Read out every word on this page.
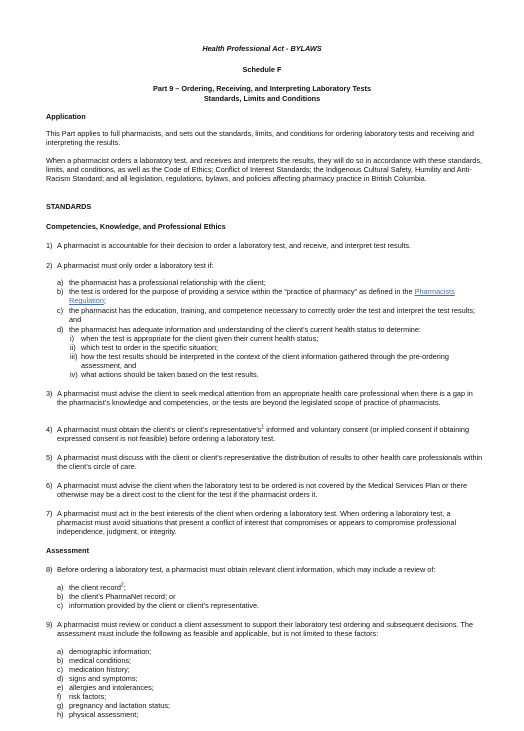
Health Professional Act - BYLAWS
Schedule F
Part 9 – Ordering, Receiving, and Interpreting Laboratory Tests
Standards, Limits and Conditions
Application

This Part applies to full pharmacists, and sets out the standards, limits, and conditions for ordering laboratory tests and receiving and interpreting the results.

When a pharmacist orders a laboratory test, and receives and interprets the results, they will do so in accordance with these standards, limits, and conditions, as well as the Code of Ethics; Conflict of Interest Standards; the Indigenous Cultural Safety, Humility and Anti-Racism Standard; and all legislation, regulations, bylaws, and policies affecting pharmacy practice in British Columbia.

STANDARDS
Competencies, Knowledge, and Professional Ethics
1) A pharmacist is accountable for their decision to order a laboratory test, and receive, and interpret test results.

2) A pharmacist must only order a laboratory test if:

a) the pharmacist has a professional relationship with the client;
b) the test is ordered for the purpose of providing a service within the “practice of pharmacy” as defined in the Pharmacists Regulation;
c) the pharmacist has the education, training, and competence necessary to correctly order the test and interpret the test results; and
d) the pharmacist has adequate information and understanding of the client’s current health status to determine:
i) when the test is appropriate for the client given their current health status;
ii) which test to order in the specific situation;
iii) how the test results should be interpreted in the context of the client information gathered through the pre-ordering assessment, and
iv) what actions should be taken based on the test results.
3) A pharmacist must advise the client to seek medical attention from an appropriate health care professional when there is a gap in the pharmacist’s knowledge and competencies, or the tests are beyond the legislated scope of practice of pharmacists.

4) A pharmacist must obtain the client’s or client’s $representative’s^1$ informed and voluntary consent (or implied consent if obtaining expressed consent is not feasible) before ordering a laboratory test.

5) A pharmacist must discuss with the client or client's representative the distribution of results to other health care professionals within the client’s circle of care.

6) A pharmacist must advise the client when the laboratory test to be ordered is not covered by the Medical Services Plan or there otherwise may be a direct cost to the client for the test if the pharmacist orders it.

7) A pharmacist must act in the best interests of the client when ordering a laboratory test. When ordering a laboratory test, a pharmacist must avoid situations that present a conflict of interest that compromises or appears to compromise professional independence, judgment, or integrity.

Assessment
8) Before ordering a laboratory test, a pharmacist must obtain relevant client information, which may include a review of:

a) the client record$^2$;
b) the client’s PharmaNet record; or
c) information provided by the client or client’s representative.
9) A pharmacist must review or conduct a client assessment to support their laboratory test ordering and subsequent decisions. The assessment must include the following as feasible and applicable, but is not limited to these factors:

a) demographic information;
b) medical conditions;
c) medication history;
d) signs and symptoms;
e) allergies and intolerances;
f) risk factors;
g) pregnancy and lactation status;
h) physical assessment;
